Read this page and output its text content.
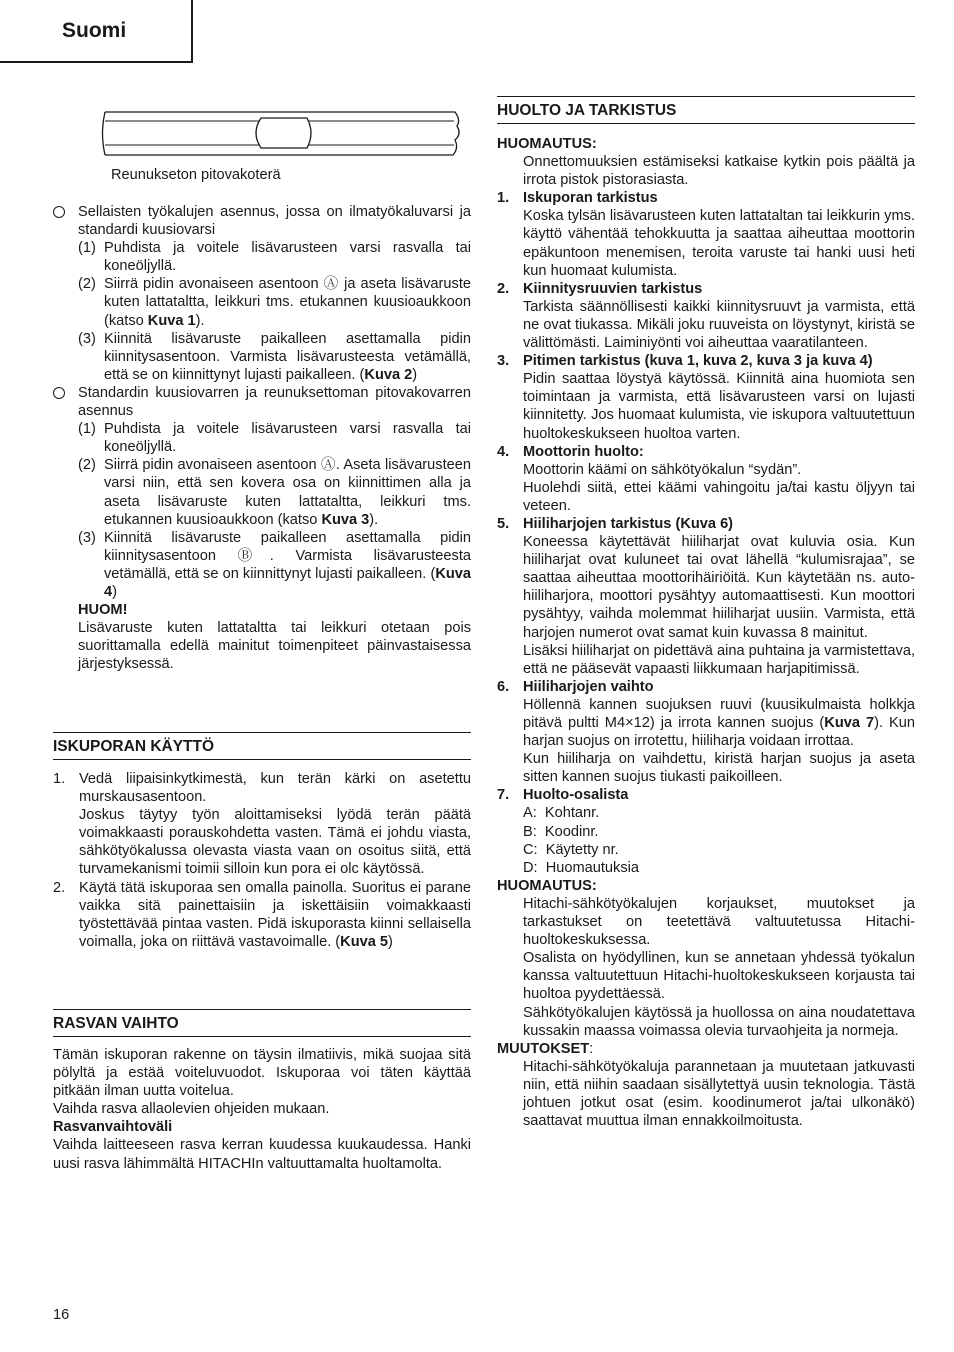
Suomi
Reunukseton pitovakoterä
Sellaisten työkalujen asennus, jossa on ilmatyökaluvarsi ja standardi kuusiovarsi
(1) Puhdista ja voitele lisävarusteen varsi rasvalla tai koneöljyllä.
(2) Siirrä pidin avonaiseen asentoon Ⓐ ja aseta lisävaruste kuten lattataltta, leikkuri tms. etukannen kuusioaukkoon (katso Kuva 1).
(3) Kiinnitä lisävaruste paikalleen asettamalla pidin kiinnitysasentoon. Varmista lisävarusteesta vetämällä, että se on kiinnittynyt lujasti paikalleen. (Kuva 2)
Standardin kuusiovarren ja reunuksettoman pitovakovarren asennus
(1) Puhdista ja voitele lisävarusteen varsi rasvalla tai koneöljyllä.
(2) Siirrä pidin avonaiseen asentoon Ⓐ. Aseta lisävarusteen varsi niin, että sen kovera osa on kiinnittimen alla ja aseta lisävaruste kuten lattataltta, leikkuri tms. etukannen kuusioaukkoon (katso Kuva 3).
(3) Kiinnitä lisävaruste paikalleen asettamalla pidin kiinnitysasentoon Ⓑ. Varmista lisävarusteesta vetämällä, että se on kiinnittynyt lujasti paikalleen. (Kuva 4)
HUOM!
Lisävaruste kuten lattataltta tai leikkuri otetaan pois suorittamalla edellä mainitut toimenpiteet päinvastaisessa järjestyksessä.
ISKUPORAN KÄYTTÖ
1. Vedä liipaisinkytkimestä, kun terän kärki on asetettu murskausasentoon.
Joskus täytyy työn aloittamiseksi lyödä terän päätä voimakkaasti porauskohdetta vasten. Tämä ei johdu viasta, sähkötyökalussa olevasta viasta vaan on osoitus siitä, että turvamekanismi toimii silloin kun pora ei olc käytössä.
2. Käytä tätä iskuporaa sen omalla painolla. Suoritus ei parane vaikka sitä painettaisiin ja iskettäisiin voimakkaasti työstettävää pintaa vasten. Pidä iskuporasta kiinni sellaisella voimalla, joka on riittävä vastavoimalle. (Kuva 5)
RASVAN VAIHTO
Tämän iskuporan rakenne on täysin ilmatiivis, mikä suojaa sitä pölyltä ja estää voiteluvuodot. Iskuporaa voi täten käyttää pitkään ilman uutta voitelua.
Vaihda rasva allaolevien ohjeiden mukaan.
Rasvanvaihtoväli
Vaihda laitteeseen rasva kerran kuudessa kuukaudessa. Hanki uusi rasva lähimmältä HITACHIn valtuuttamalta huoltamolta.
HUOLTO JA TARKISTUS
HUOMAUTUS:
Onnettomuuksien estämiseksi katkaise kytkin pois päältä ja irrota pistok pistorasiasta.
1. Iskuporan tarkistus
Koska tylsän lisävarusteen kuten lattataltan tai leikkurin yms. käyttö vähentää tehokkuutta ja saattaa aiheuttaa moottorin epäkuntoon menemisen, teroita varuste tai hanki uusi heti kun huomaat kulumista.
2. Kiinnitysruuvien tarkistus
Tarkista säännöllisesti kaikki kiinnitysruuvt ja varmista, että ne ovat tiukassa. Mikäli joku ruuveista on löystynyt, kiristä se välittömästi. Laiminiyönti voi aiheuttaa vaaratilanteen.
3. Pitimen tarkistus (kuva 1, kuva 2, kuva 3 ja kuva 4)
Pidin saattaa löystyä käytössä. Kiinnitä aina huomiota sen toimintaan ja varmista, että lisävarusteen varsi on lujasti kiinnitetty. Jos huomaat kulumista, vie iskupora valtuutettuun huoltokeskukseen huoltoa varten.
4. Moottorin huolto:
Moottorin käämi on sähkötyökalun “sydän”.
Huolehdi siitä, ettei käämi vahingoitu ja/tai kastu öljyyn tai veteen.
5. Hiiliharjojen tarkistus (Kuva 6)
Koneessa käytettävät hiiliharjat ovat kuluvia osia. Kun hiiliharjat ovat kuluneet tai ovat lähellä “kulumisrajaa”, se saattaa aiheuttaa moottorihäiriöitä. Kun käytetään ns. auto-hiiliharjora, moottori pysähtyy automaattisesti. Kun moottori pysähtyy, vaihda molemmat hiiliharjat uusiin. Varmista, että harjojen numerot ovat samat kuin kuvassa 8 mainitut.
Lisäksi hiiliharjat on pidettävä aina puhtaina ja varmistettava, että ne pääsevät vapaasti liikkumaan harjapitimissä.
6. Hiiliharjojen vaihto
Höllennä kannen suojuksen ruuvi (kuusikulmaista holkkja pitävä pultti M4×12) ja irrota kannen suojus (Kuva 7). Kun harjan suojus on irrotettu, hiiliharja voidaan irrottaa.
Kun hiiliharja on vaihdettu, kiristä harjan suojus ja aseta sitten kannen suojus tiukasti paikoilleen.
7. Huolto-osalista
A:  Kohtanr.
B:  Koodinr.
C:  Käytetty nr.
D:  Huomautuksia
HUOMAUTUS:
Hitachi-sähkötyökalujen korjaukset, muutokset ja tarkastukset on teetettävä valtuutetussa Hitachi-huoltokeskuksessa.
Osalista on hyödyllinen, kun se annetaan yhdessä työkalun kanssa valtuutettuun Hitachi-huoltokeskukseen korjausta tai huoltoa pyydettäessä.
Sähkötyökalujen käytössä ja huollossa on aina noudatettava kussakin maassa voimassa olevia turvaohjeita ja normeja.
MUUTOKSET:
Hitachi-sähkötyökaluja parannetaan ja muutetaan jatkuvasti niin, että niihin saadaan sisällytettyä uusin teknologia. Tästä johtuen jotkut osat (esim. koodinumerot ja/tai ulkonäkö) saattavat muuttua ilman ennakkoilmoitusta.
16
